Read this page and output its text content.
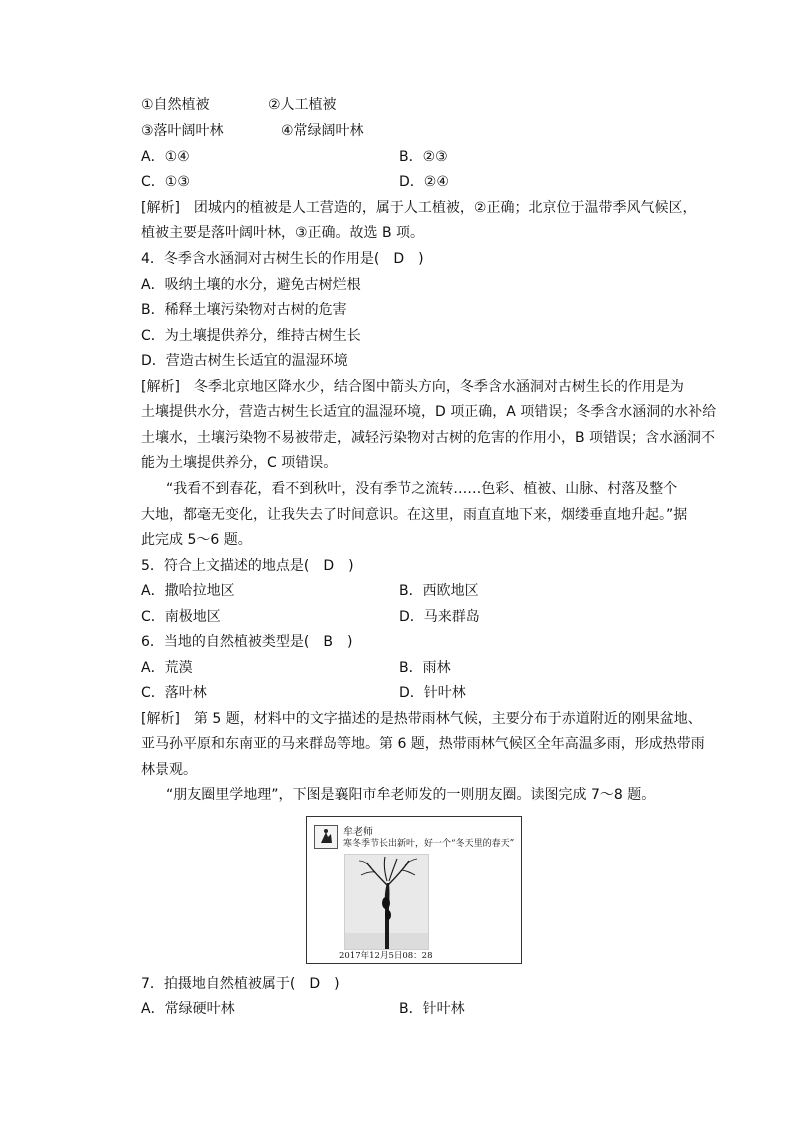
①自然植被	②人工植被
③落叶阔叶林	④常绿阔叶林
A．①④	B．②③
C．①③	D．②④
[解析]　团城内的植被是人工营造的，属于人工植被，②正确；北京位于温带季风气候区，
植被主要是落叶阔叶林，③正确。故选 B 项。
4．冬季含水涵洞对古树生长的作用是(　D　)
A．吸纳土壤的水分，避免古树烂根
B．稀释土壤污染物对古树的危害
C．为土壤提供养分，维持古树生长
D．营造古树生长适宜的温湿环境
[解析]　冬季北京地区降水少，结合图中箭头方向，冬季含水涵洞对古树生长的作用是为
土壤提供水分，营造古树生长适宜的温湿环境，D 项正确，A 项错误；冬季含水涵洞的水补给
土壤水，土壤污染物不易被带走，减轻污染物对古树的危害的作用小，B 项错误；含水涵洞不
能为土壤提供养分，C 项错误。
“我看不到春花，看不到秋叶，没有季节之流转……色彩、植被、山脉、村落及整个
大地，都毫无变化，让我失去了时间意识。在这里，雨直直地下来，烟缕垂直地升起。”据
此完成 5～6 题。
5．符合上文描述的地点是(　D　)
A．撒哈拉地区	B．西欧地区
C．南极地区	D．马来群岛
6．当地的自然植被类型是(　B　)
A．荒漠	B．雨林
C．落叶林	D．针叶林
[解析]　第 5 题，材料中的文字描述的是热带雨林气候，主要分布于赤道附近的刚果盆地、
亚马孙平原和东南亚的马来群岛等地。第 6 题，热带雨林气候区全年高温多雨，形成热带雨
林景观。
“朋友圈里学地理”，下图是襄阳市牟老师发的一则朋友圈。读图完成 7～8 题。
牟老师
寒冬季节长出新叶，好一个“冬天里的春天”
2017年12月5日08：28
7．拍摄地自然植被属于(　D　)
A．常绿硬叶林	B．针叶林
